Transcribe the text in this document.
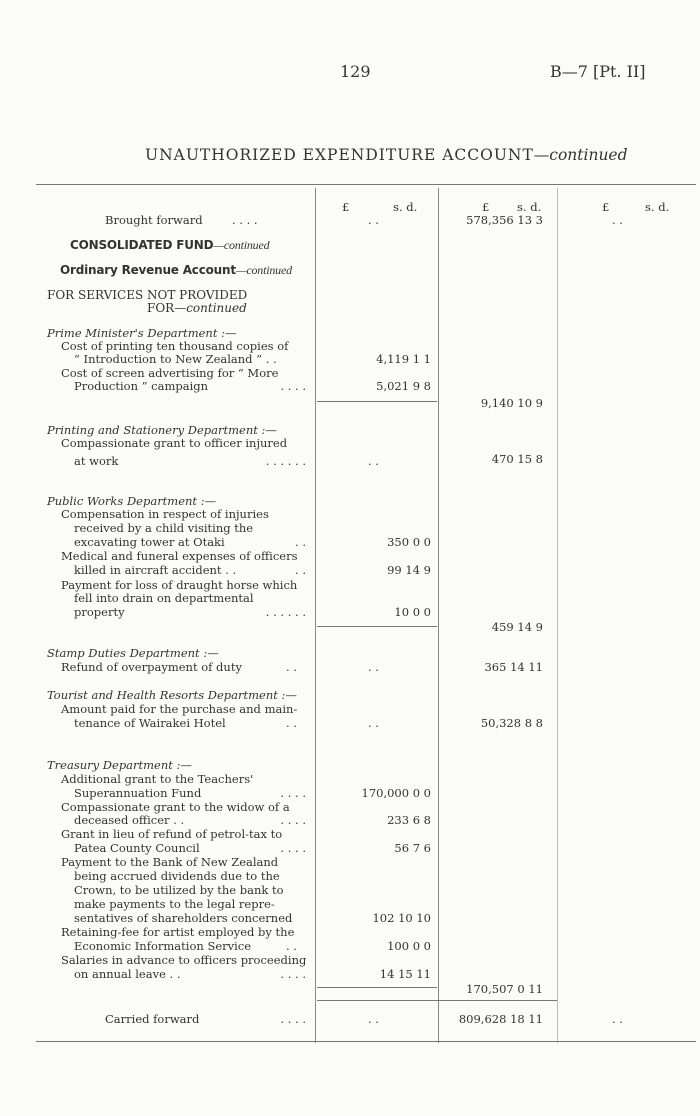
129	B—7 [Pt. II]
UNAUTHORIZED EXPENDITURE ACCOUNT—continued
£	s. d.	£ s. d.	£	s. d.
Brought forward	. . . .	. .	578,356 13 3	. .
CONSOLIDATED FUND—continued
Ordinary Revenue Account—continued
FOR SERVICES NOT PROVIDED
FOR—continued
Prime Minister's Department :—
Cost of printing ten thousand copies of
“ Introduction to New Zealand ” . .	4,119 1 1
Cost of screen advertising for “ More
Production ” campaign	. . . .	5,021 9 8
9,140 10 9
Printing and Stationery Department :—
Compassionate grant to officer injured
at work	. . . . . .	. .	470 15 8
Public Works Department :—
Compensation in respect of injuries
received by a child visiting the
excavating tower at Otaki	. .	350 0 0
Medical and funeral expenses of officers
killed in aircraft accident . .	. .	99 14 9
Payment for loss of draught horse which
fell into drain on departmental
property	. . . . . .	10 0 0
459 14 9
Stamp Duties Department :—
Refund of overpayment of duty	. .	. .	365 14 11
Tourist and Health Resorts Department :—
Amount paid for the purchase and main-
tenance of Wairakei Hotel	. .	. .	50,328 8 8
Treasury Department :—
Additional grant to the Teachers'
Superannuation Fund	. . . .	170,000 0 0
Compassionate grant to the widow of a
deceased officer . .	. . . .	233 6 8
Grant in lieu of refund of petrol-tax to
Patea County Council	. . . .	56 7 6
Payment to the Bank of New Zealand
being accrued dividends due to the
Crown, to be utilized by the bank to
make payments to the legal repre-
sentatives of shareholders concerned	102 10 10
Retaining-fee for artist employed by the
Economic Information Service	. .	100 0 0
Salaries in advance to officers proceeding
on annual leave . .	. . . .	14 15 11
170,507 0 11
Carried forward	. . . .	. .	809,628 18 11	. .
